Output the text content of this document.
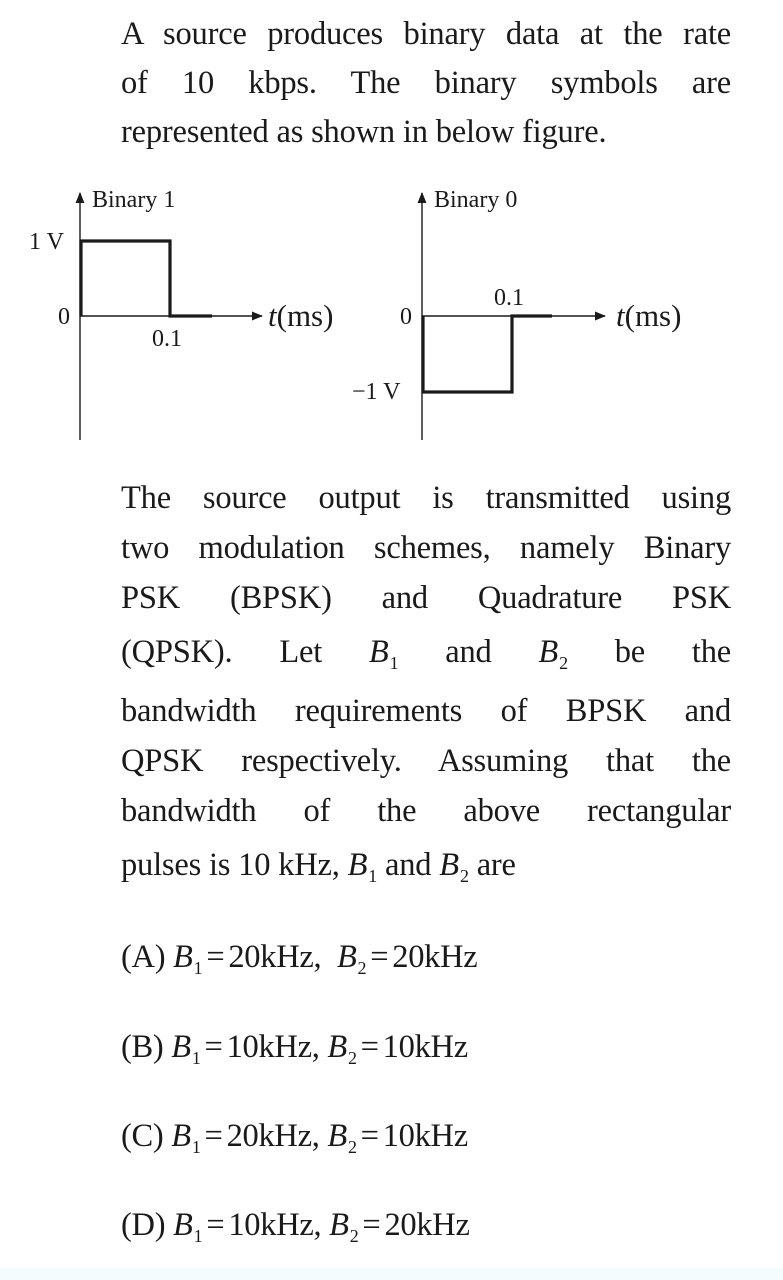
A source produces binary data at the rate
of 10 kbps. The binary symbols are
represented as shown in below figure.
Binary 1
1 V
0
0.1
t(ms)
Binary 0
0
0.1
−1 V
t(ms)
The source output is transmitted using
two modulation schemes, namely Binary
PSK (BPSK) and Quadrature PSK
(QPSK). Let $B_1$ and $B_2$ be the
bandwidth requirements of BPSK and
QPSK respectively. Assuming that the
bandwidth of the above rectangular
pulses is 10 kHz, $B_1$ and $B_2$ are
(A) $B_1 = 20kHz$, $B_2 = 20kHz$
(B) $B_1 = 10kHz$, $B_2 = 10kHz$
(C) $B_1 = 20kHz$, $B_2 = 10kHz$
(D) $B_1 = 10kHz$, $B_2 = 20kHz$
